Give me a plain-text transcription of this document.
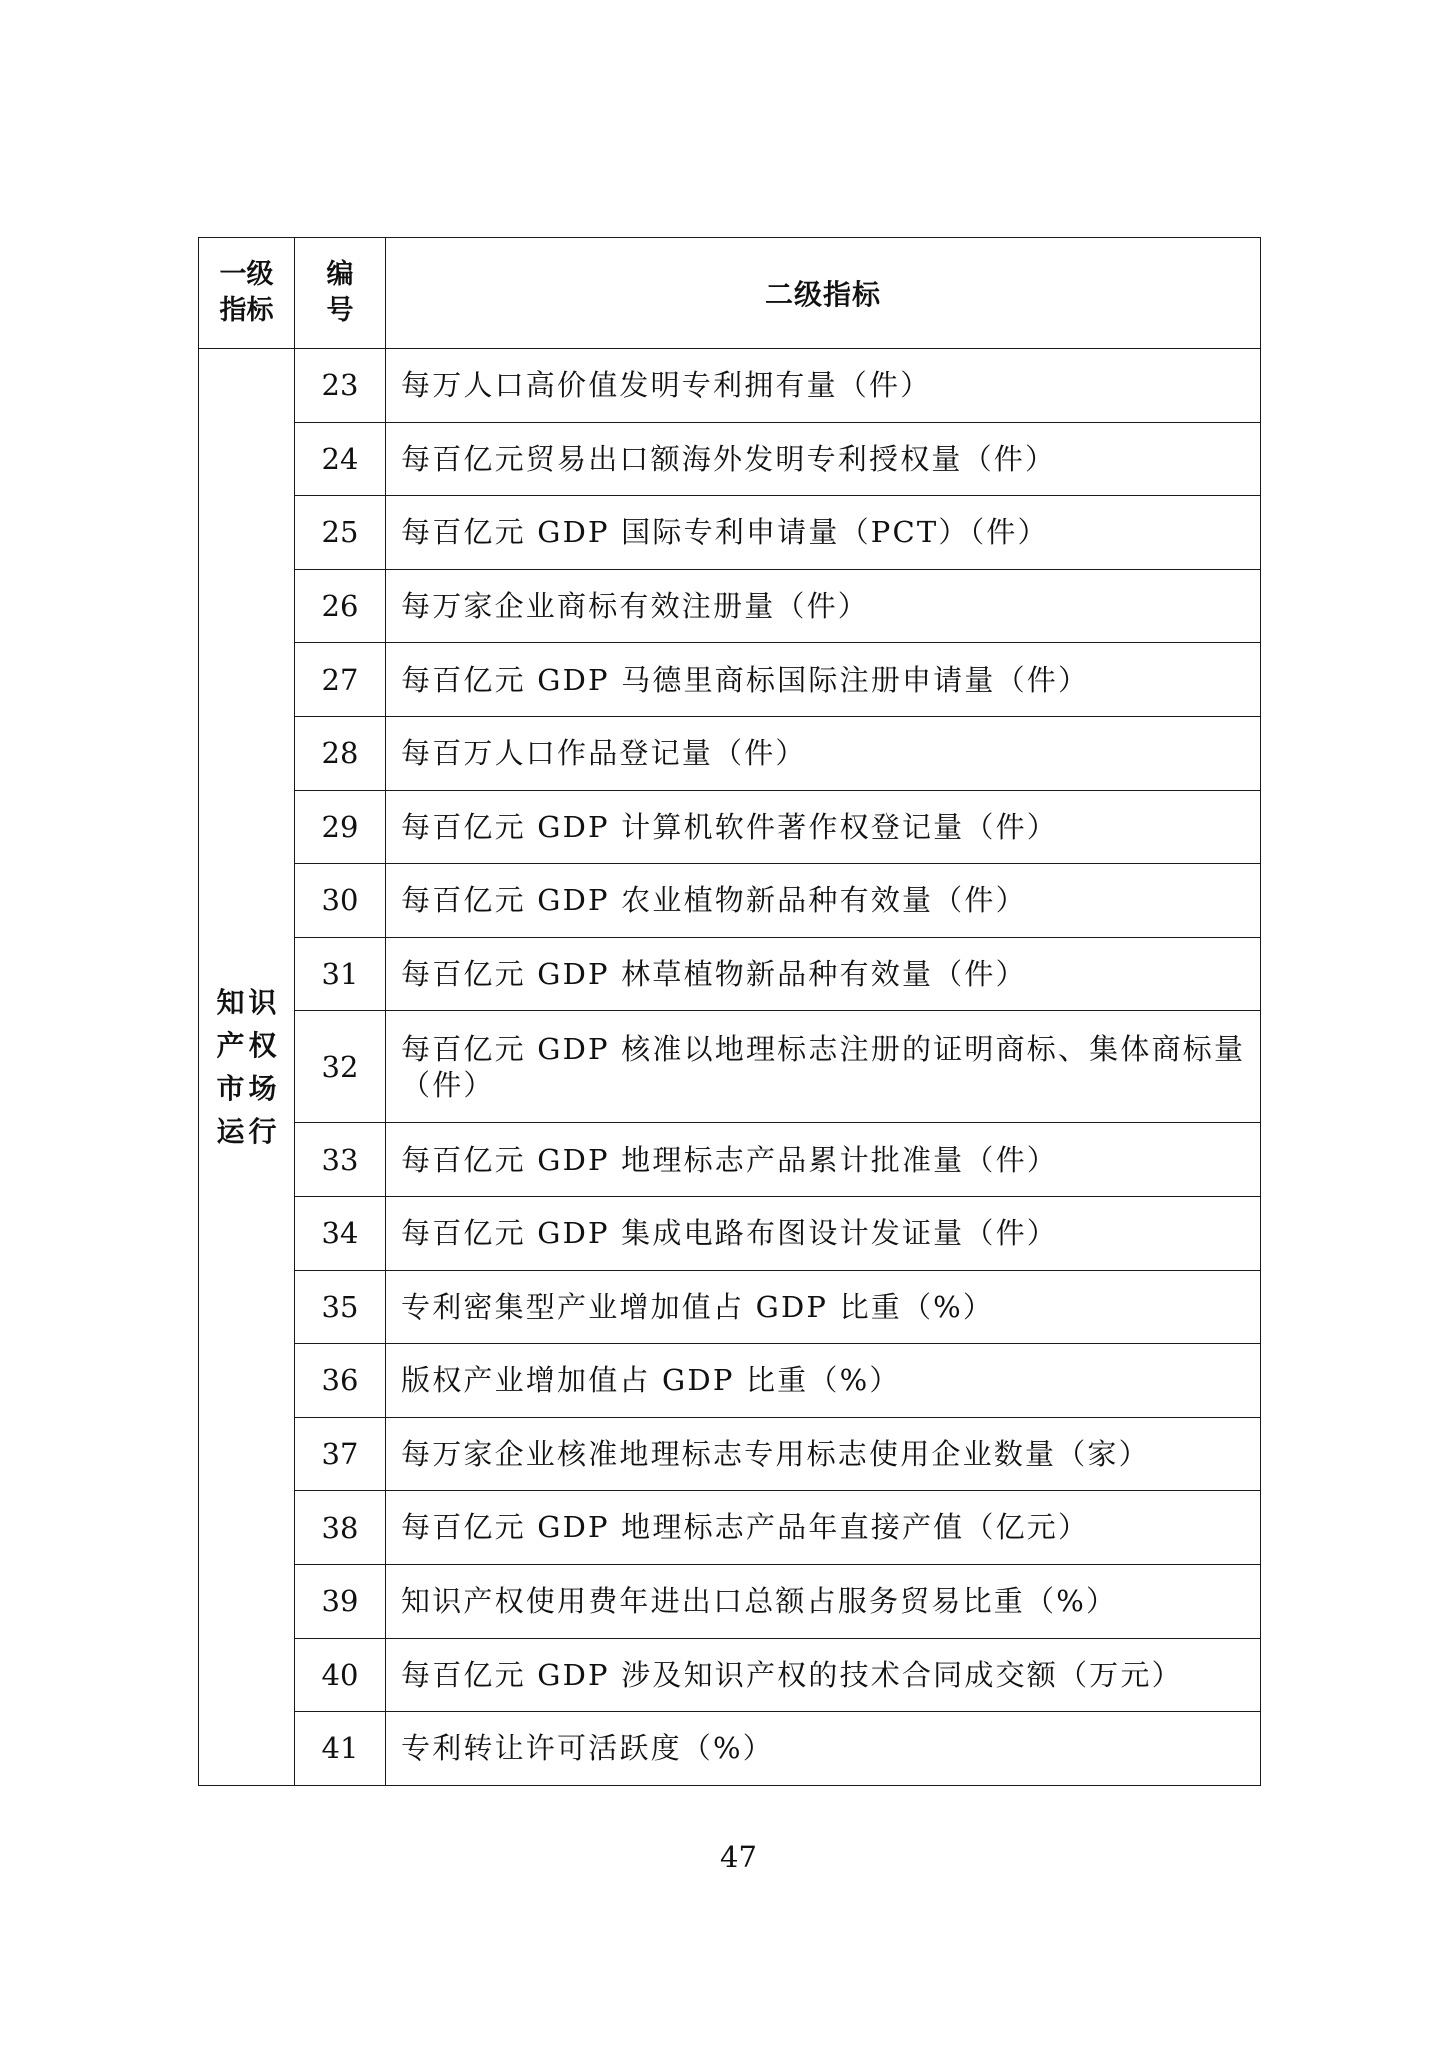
一级指标	编号	二级指标
知识产权市场运行	23	每万人口高价值发明专利拥有量（件）
	24	每百亿元贸易出口额海外发明专利授权量（件）
	25	每百亿元 GDP 国际专利申请量（PCT）（件）
	26	每万家企业商标有效注册量（件）
	27	每百亿元 GDP 马德里商标国际注册申请量（件）
	28	每百万人口作品登记量（件）
	29	每百亿元 GDP 计算机软件著作权登记量（件）
	30	每百亿元 GDP 农业植物新品种有效量（件）
	31	每百亿元 GDP 林草植物新品种有效量（件）
	32	每百亿元 GDP 核准以地理标志注册的证明商标、集体商标量（件）
	33	每百亿元 GDP 地理标志产品累计批准量（件）
	34	每百亿元 GDP 集成电路布图设计发证量（件）
	35	专利密集型产业增加值占 GDP 比重（%）
	36	版权产业增加值占 GDP 比重（%）
	37	每万家企业核准地理标志专用标志使用企业数量（家）
	38	每百亿元 GDP 地理标志产品年直接产值（亿元）
	39	知识产权使用费年进出口总额占服务贸易比重（%）
	40	每百亿元 GDP 涉及知识产权的技术合同成交额（万元）
	41	专利转让许可活跃度（%）
47
